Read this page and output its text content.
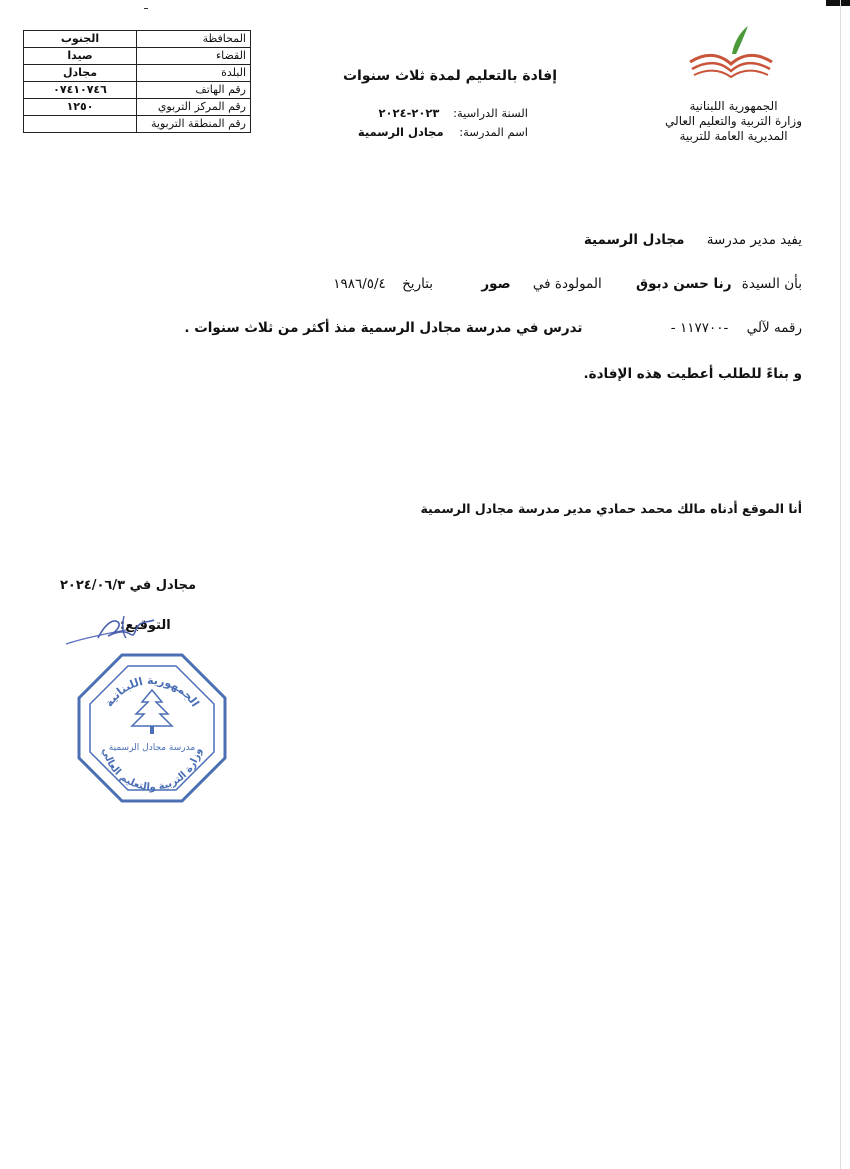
المحافظة	الجنوب
القضاء	صيدا
البلدة	مجادل
رقم الهاتف	٠٧٤١٠٧٤٦
رقم المركز التربوي	١٢٥٠
رقم المنطقة التربوية	
إفادة بالتعليم لمدة ثلاث سنوات
السنة الدراسية: ٢٠٢٣-٢٠٢٤
اسم المدرسة: مجادل الرسمية
الجمهورية اللبنانية
وزارة التربية والتعليم العالي
المديرية العامة للتربية
يفيد مدير مدرسة مجادل الرسمية
بأن السيدة رنا حسن دبوق المولودة في صور بتاريخ ١٩٨٦/٥/٤
رقمه لآلي -١١٧٧٠٠ - تدرس في مدرسة مجادل الرسمية منذ أكثر من ثلاث سنوات .
و بناءً للطلب أعطيت هذه الإفادة.
أنا الموقع أدناه مالك محمد حمادي مدير مدرسة مجادل الرسمية
مجادل في ٢٠٢٤/٠٦/٣
التوقيع:
الجمهورية اللبنانية
وزارة التربية والتعليم العالي
مدرسة مجادل الرسمية
